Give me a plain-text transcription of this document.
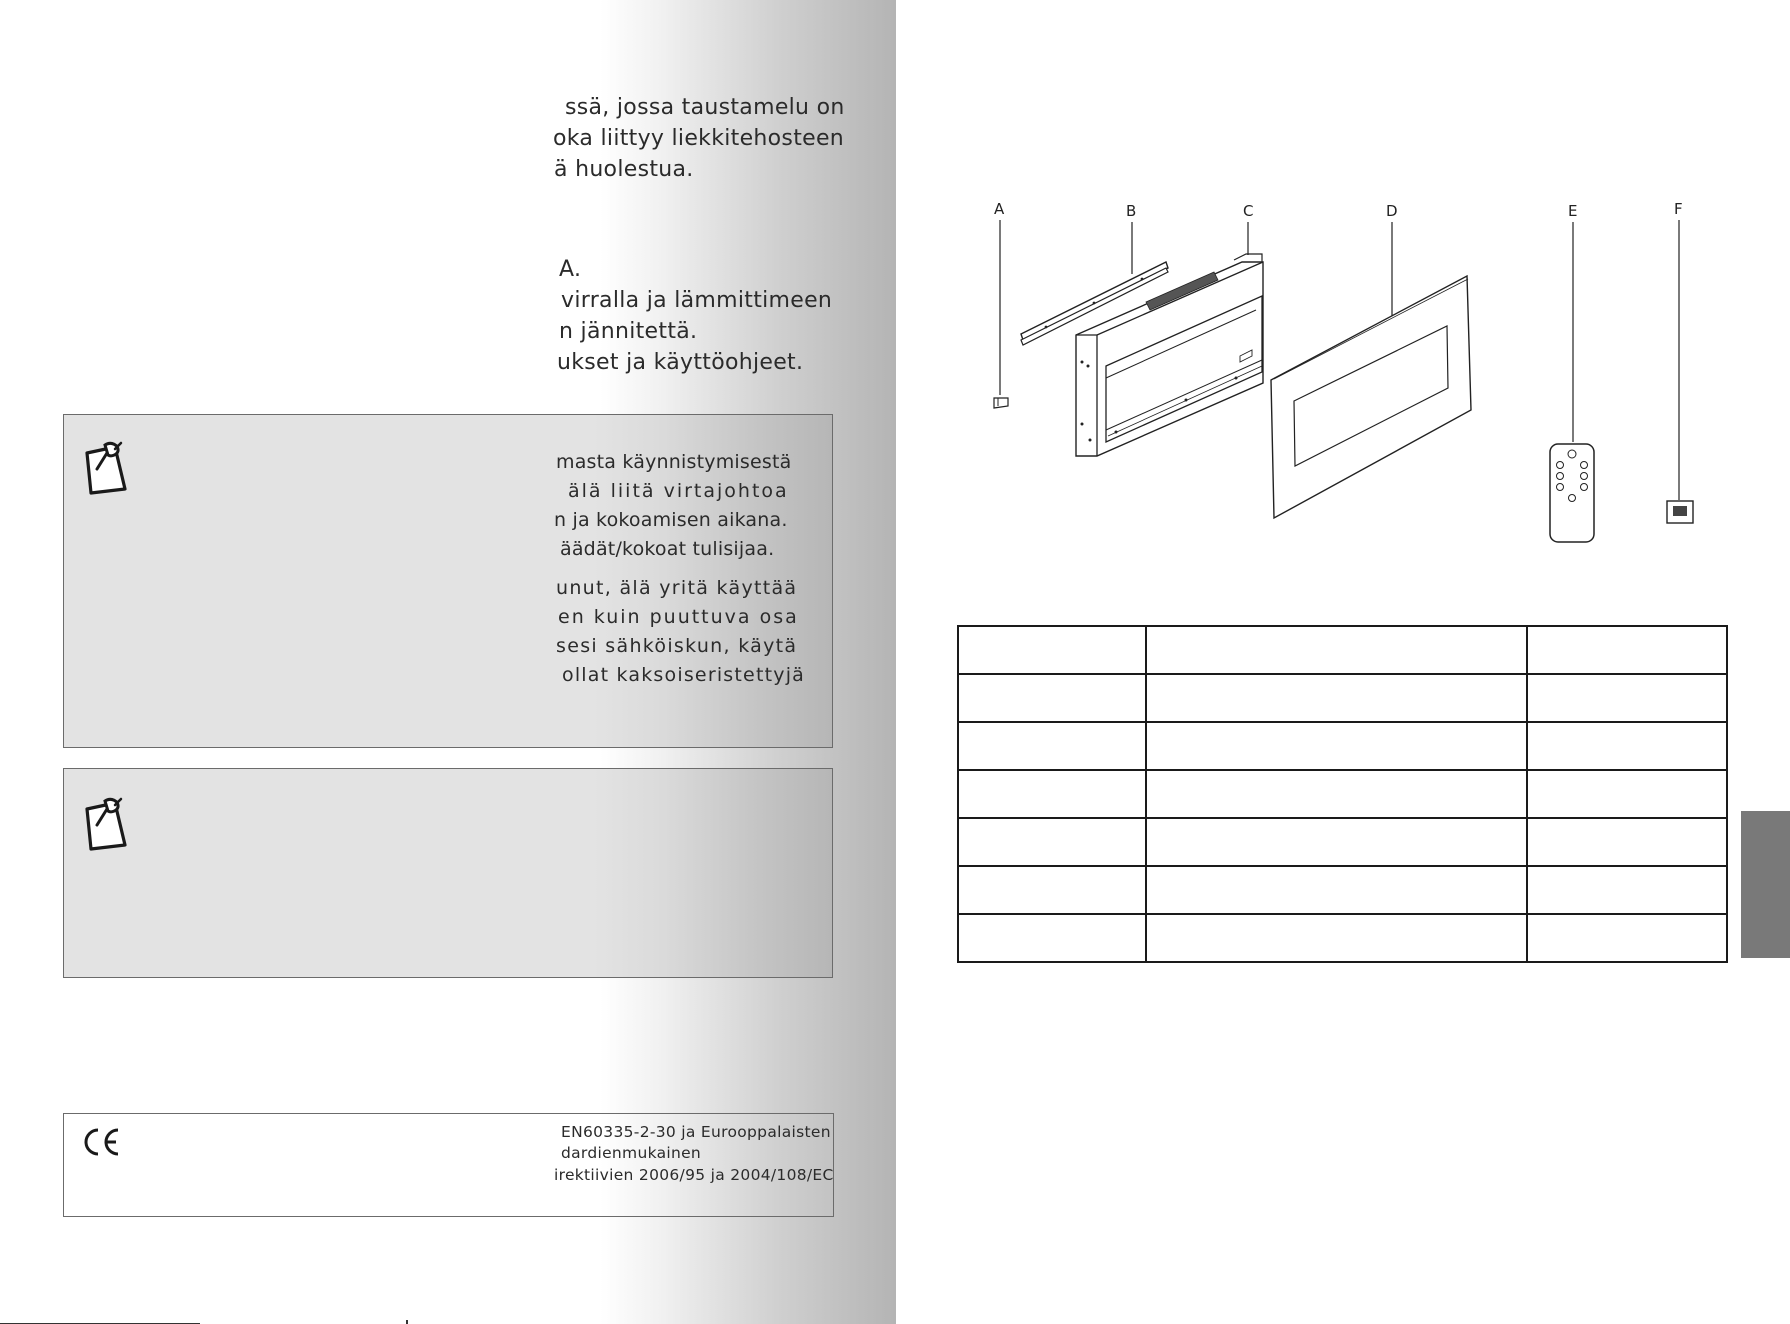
ssä, jossa taustamelu on
oka liittyy liekkitehosteen
ä huolestua.
A.
virralla ja lämmittimeen
n jännitettä.
ukset ja käyttöohjeet.
masta käynnistymisestä
älä liitä virtajohtoa
n ja kokoamisen aikana.
äädät/kokoat tulisijaa.
unut, älä yritä käyttää
en kuin puuttuva osa
sesi sähköiskun, käytä
ollat kaksoiseristettyjä
EN60335-2-30 ja Eurooppalaisten
dardienmukainen
irektiivien 2006/95 ja 2004/108/EC
A	B	C	D	E	F
